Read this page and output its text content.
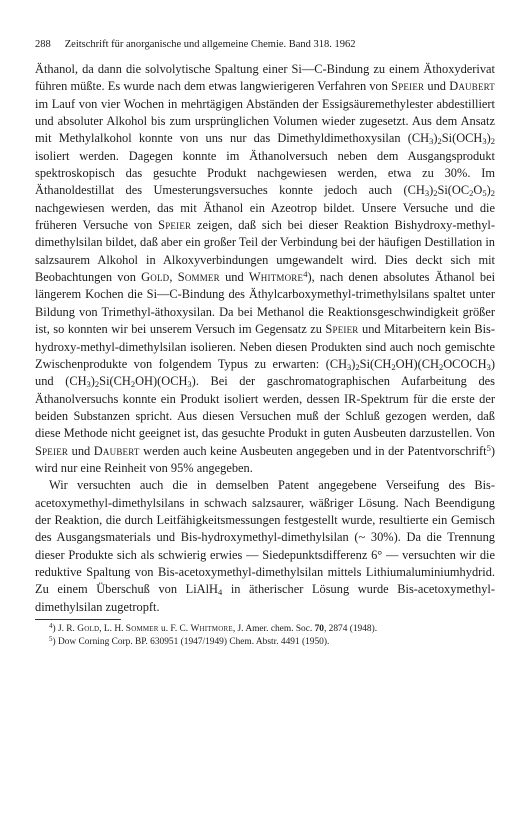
288 Zeitschrift für anorganische und allgemeine Chemie. Band 318. 1962

Äthanol, da dann die solvolytische Spaltung einer Si—C-Bindung zu einem Äthoxyderivat führen müßte. Es wurde nach dem etwas langwierigeren Verfahren von Speier und Daubert im Lauf von vier Wochen in mehrtägigen Abständen der Essigsäuremethylester abdestilliert und absoluter Alkohol bis zum ursprünglichen Volumen wieder zugesetzt. Aus dem Ansatz mit Methylalkohol konnte von uns nur das Dimethyldimethoxysilan $(CH_3)_2Si(OCH_3)_2$ isoliert werden. Dagegen konnte im Äthanolversuch neben dem Ausgangsprodukt spektroskopisch das gesuchte Produkt nachgewiesen werden, etwa zu 30%. Im Äthanoldestillat des Umesterungsversuches konnte jedoch auch $(CH_3)_2Si(OC_2O_5)_2$ nachgewiesen werden, das mit Äthanol ein Azeotrop bildet. Unsere Versuche und die früheren Versuche von Speier zeigen, daß sich bei dieser Reaktion Bishydroxy-methyl-dimethylsilan bildet, daß aber ein großer Teil der Verbindung bei der häufigen Destillation in salzsaurem Alkohol in Alkoxyverbindungen umgewandelt wird. Dies deckt sich mit Beobachtungen von Gold, Sommer und Whitmore$^4$), nach denen absolutes Äthanol bei längerem Kochen die Si—C-Bindung des Äthylcarboxymethyl-trimethylsilans spaltet unter Bildung von Trimethyl-äthoxysilan. Da bei Methanol die Reaktionsgeschwindigkeit größer ist, so konnten wir bei unserem Versuch im Gegensatz zu Speier und Mitarbeitern kein Bis-hydroxy-methyl-dimethylsilan isolieren. Neben diesen Produkten sind auch noch gemischte Zwischenprodukte von folgendem Typus zu erwarten: $(CH_3)_2Si(CH_2OH)(CH_2OCOCH_3)$ und $(CH_3)_2Si(CH_2OH)(OCH_3)$. Bei der gaschromatographischen Aufarbeitung des Äthanolversuchs konnte ein Produkt isoliert werden, dessen IR-Spektrum für die erste der beiden Substanzen spricht. Aus diesen Versuchen muß der Schluß gezogen werden, daß diese Methode nicht geeignet ist, das gesuchte Produkt in guten Ausbeuten darzustellen. Von Speier und Daubert werden auch keine Ausbeuten angegeben und in der Patentvorschrift$^5$) wird nur eine Reinheit von 95% angegeben.

Wir versuchten auch die in demselben Patent angegebene Verseifung des Bis-acetoxymethyl-dimethylsilans in schwach salzsaurer, wäßriger Lösung. Nach Beendigung der Reaktion, die durch Leitfähigkeitsmessungen festgestellt wurde, resultierte ein Gemisch des Ausgangsmaterials und Bis-hydroxymethyl-dimethylsilan (~ 30%). Da die Trennung dieser Produkte sich als schwierig erwies — Siedepunktsdifferenz 6° — versuchten wir die reduktive Spaltung von Bis-acetoxymethyl-dimethylsilan mittels Lithiumaluminiumhydrid. Zu einem Überschuß von LiAlH$_4$ in ätherischer Lösung wurde Bis-acetoxymethyl-dimethylsilan zugetropft.

$^4$) J. R. Gold, L. H. Sommer u. F. C. Whitmore, J. Amer. chem. Soc. 70, 2874 (1948).

$^5$) Dow Corning Corp. BP. 630951 (1947/1949) Chem. Abstr. 4491 (1950).
